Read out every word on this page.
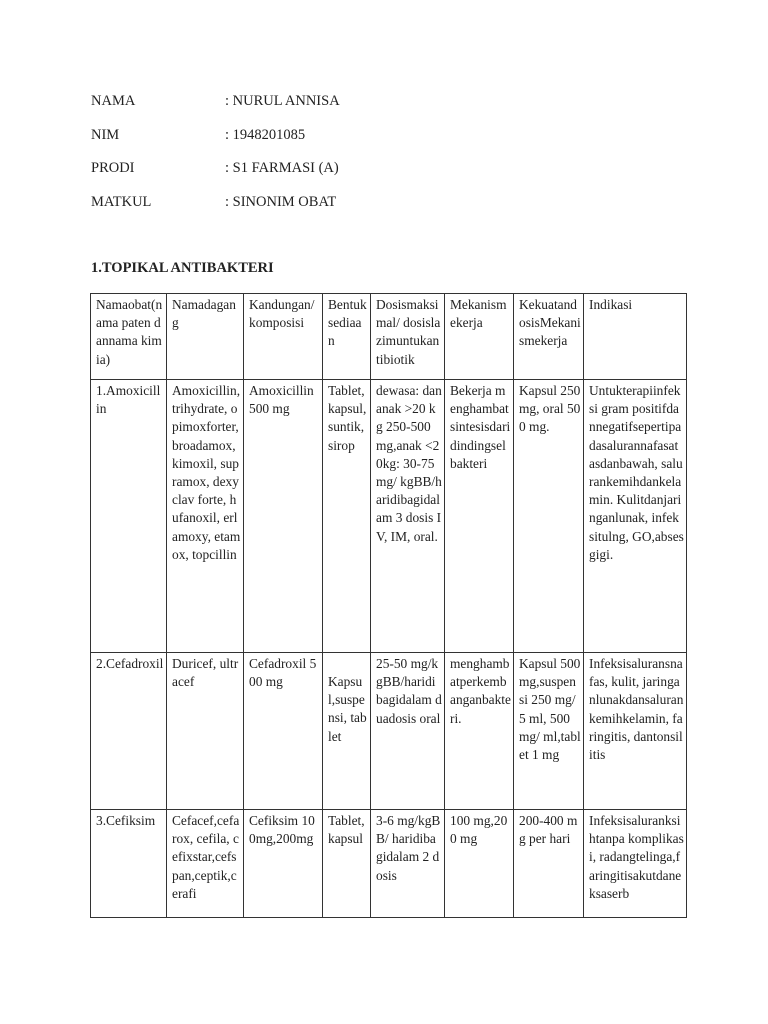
NAMA	: NURUL ANNISA
NIM	: 1948201085
PRODI	: S1 FARMASI (A)
MATKUL	: SINONIM OBAT
1.TOPIKAL ANTIBAKTERI
Namaobat(nama paten dannama kimia)	Namadagang	Kandungan/ komposisi	Bentuksediaan	Dosismaksimal/ dosislazimuntukantibiotik	Mekanismekerja	KekuatandosisMekanismekerja	Indikasi
1.Amoxicillin	Amoxicillin, trihydrate, opimoxforter, broadamox, kimoxil, supramox, dexyclav forte, hufanoxil, erlamoxy, etamox, topcillin	Amoxicillin 500 mg	Tablet, kapsul,suntik, sirop	dewasa: dananak >20 kg 250-500 mg,anak <20kg: 30-75mg/ kgBB/haridibagidalam 3 dosis IV, IM, oral.	Bekerja menghambatsintesisdaridindingselbakteri	Kapsul 250 mg, oral 500 mg.	Untukterapiinfeksi gram positifdannegatifsepertipadasalurannafasatasdanbawah, salurankemihdankelamin. Kulitdanjaringanlunak, infeksitulng, GO,absesgigi.
2.Cefadroxil	Duricef, ultracef	Cefadroxil 500 mg	Kapsul,suspensi, tablet	25-50 mg/kgBB/haridibagidalam duadosis oral	menghambatperkembanganbakteri.	Kapsul 500 mg,suspensi 250 mg/ 5 ml, 500 mg/ ml,tablet 1 mg	Infeksisaluransnafas, kulit, jaringanlunakdansalurankemihkelamin, faringitis, dantonsilitis
3.Cefiksim	Cefacef,cefarox, cefila, cefixstar,cefspan,ceptik,cerafi	Cefiksim 100mg,200mg	Tablet,kapsul	3-6 mg/kgBB/ haridibagidalam 2 dosis	100 mg,200 mg	200-400 mg per hari	Infeksisaluranksihtanpa komplikasi, radangtelinga,faringitisakutdaneksaserb
